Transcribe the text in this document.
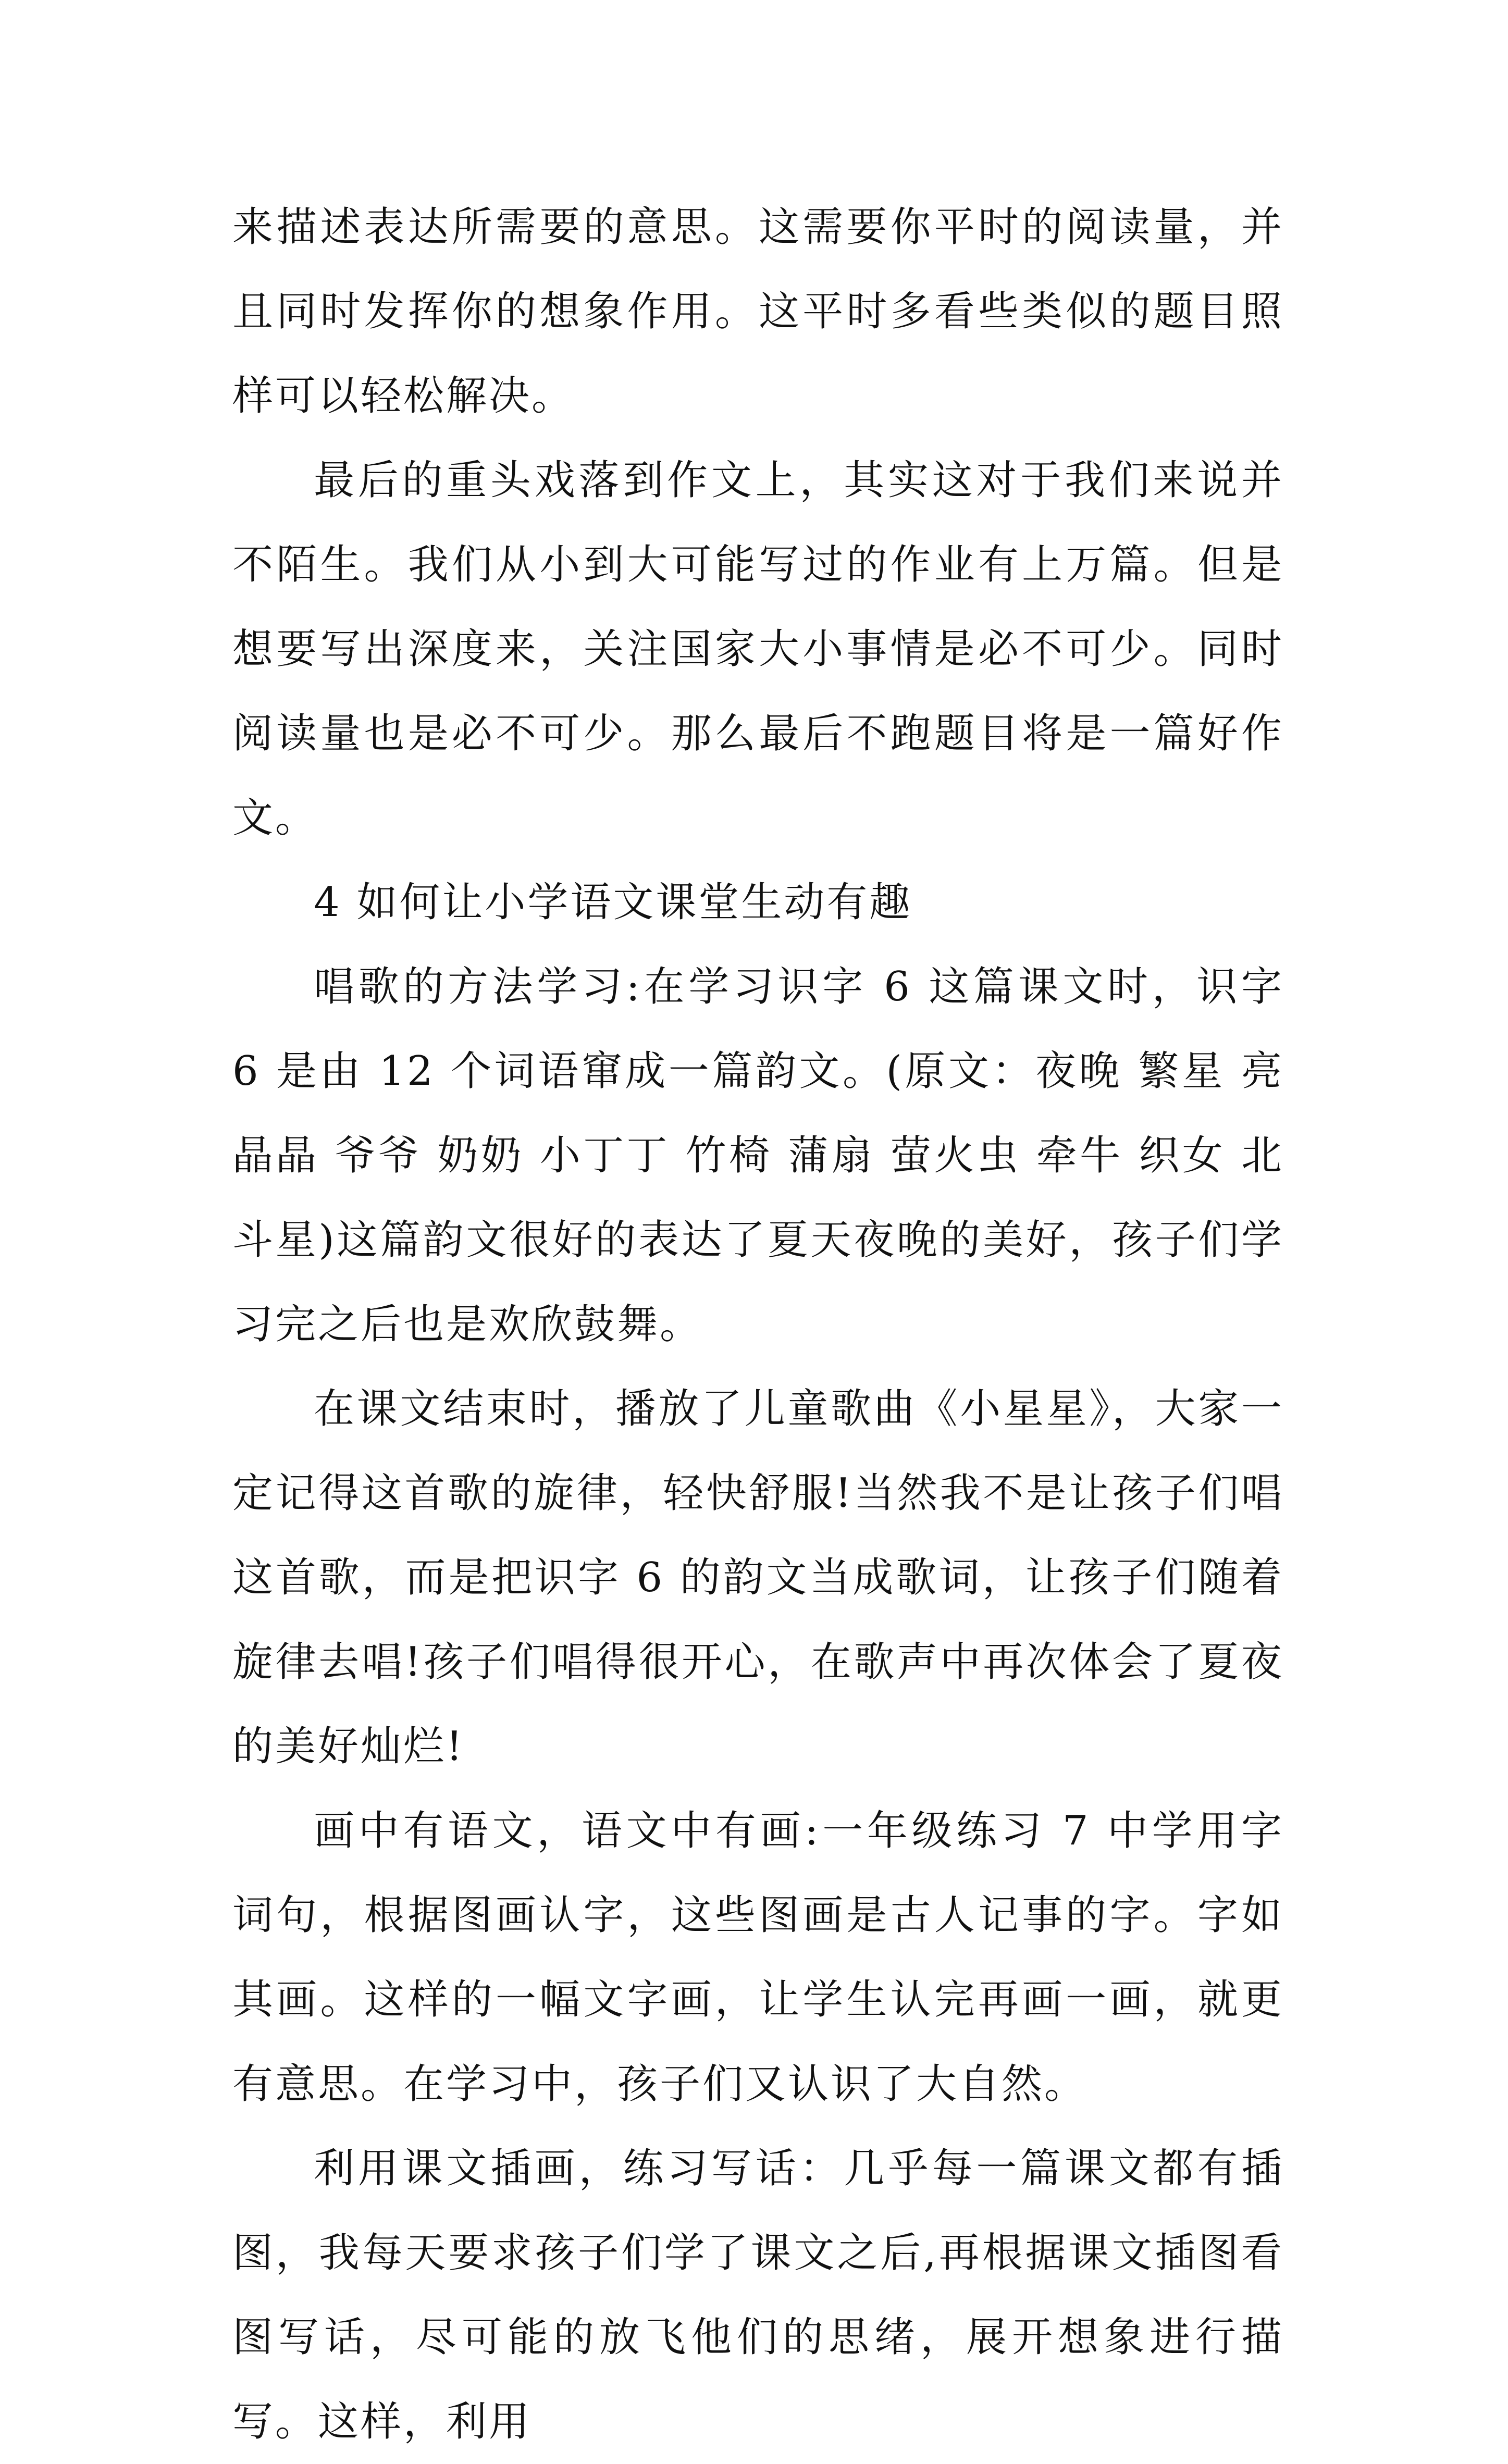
来描述表达所需要的意思。这需要你平时的阅读量，并且同时发挥你的想象作用。这平时多看些类似的题目照样可以轻松解决。

最后的重头戏落到作文上，其实这对于我们来说并不陌生。我们从小到大可能写过的作业有上万篇。但是想要写出深度来，关注国家大小事情是必不可少。同时阅读量也是必不可少。那么最后不跑题目将是一篇好作文。

4 如何让小学语文课堂生动有趣

唱歌的方法学习:在学习识字 6 这篇课文时，识字 6 是由 12 个词语窜成一篇韵文。(原文：夜晚 繁星 亮晶晶 爷爷 奶奶 小丁丁 竹椅 蒲扇 萤火虫 牵牛 织女 北斗星)这篇韵文很好的表达了夏天夜晚的美好，孩子们学习完之后也是欢欣鼓舞。

在课文结束时，播放了儿童歌曲《小星星》，大家一定记得这首歌的旋律，轻快舒服!当然我不是让孩子们唱这首歌，而是把识字 6 的韵文当成歌词，让孩子们随着旋律去唱!孩子们唱得很开心，在歌声中再次体会了夏夜的美好灿烂!

画中有语文，语文中有画:一年级练习 7 中学用字词句，根据图画认字，这些图画是古人记事的字。字如其画。这样的一幅文字画，让学生认完再画一画，就更有意思。在学习中，孩子们又认识了大自然。

利用课文插画，练习写话：几乎每一篇课文都有插图，我每天要求孩子们学了课文之后,再根据课文插图看图写话，尽可能的放飞他们的思绪，展开想象进行描写。这样，利用
